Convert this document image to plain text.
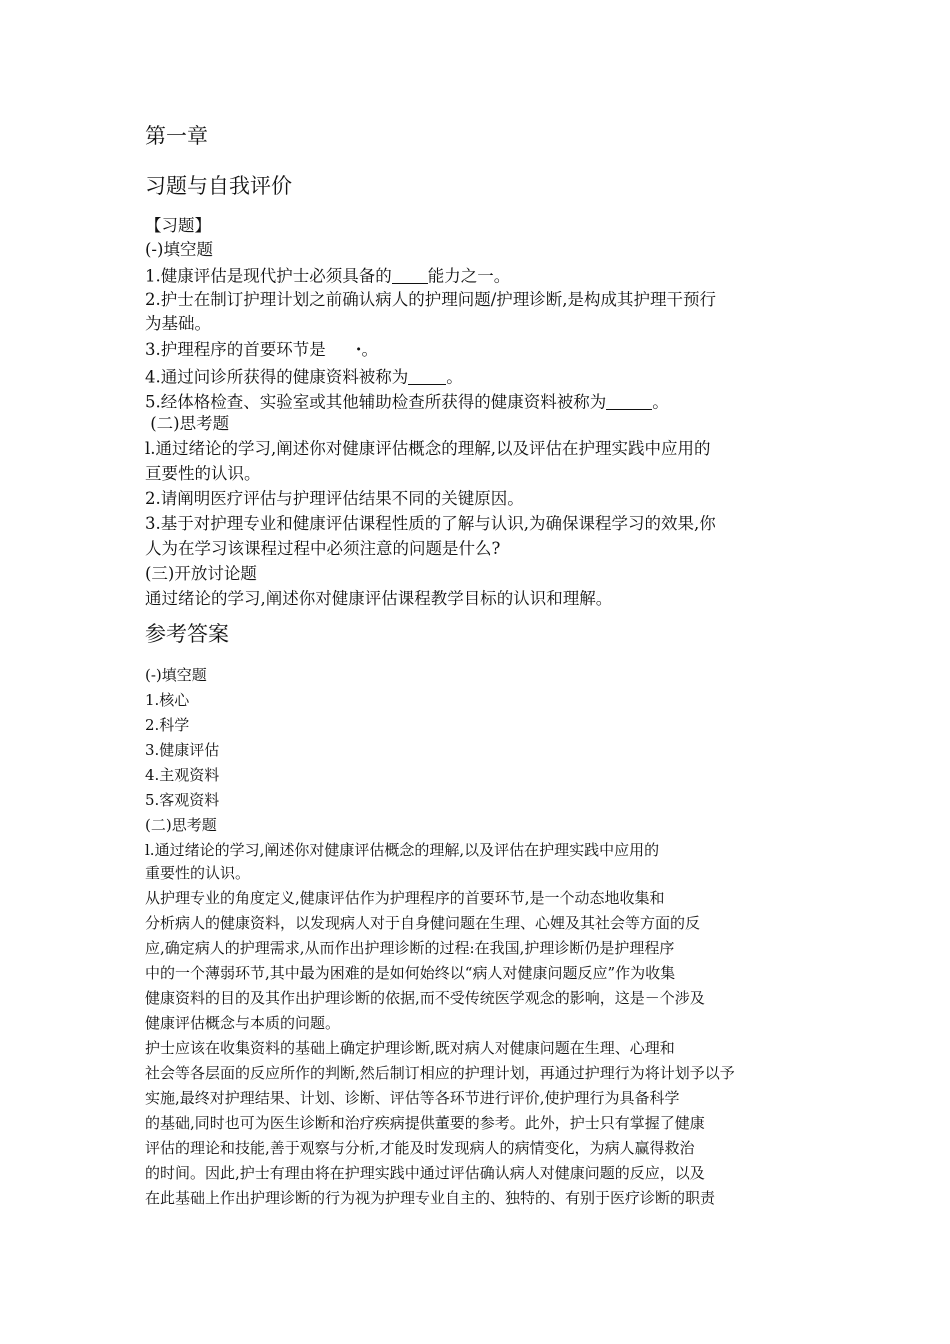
第一章
习题与自我评价
【习题】
(-)填空题
1.健康评估是现代护士必须具备的 能力之一。
2.护士在制订护理计划之前确认病人的护理问题/护理诊断,是构成其护理干预行
为基础。
3.护理程序的首要环节是 ·。
4.通过问诊所获得的健康资料被称为 。
5.经体格检查、实验室或其他辅助检查所获得的健康资料被称为	。
(二)思考题
l.通过绪论的学习,阐述你对健康评估概念的理解,以及评估在护理实践中应用的
亘要性的认识。
2.请阐明医疗评估与护理评估结果不同的关键原因。
3.基于对护理专业和健康评估课程性质的了解与认识,为确保课程学习的效果,你
人为在学习该课程过程中必须注意的问题是什么?
(三)开放讨论题
通过绪论的学习,阐述你对健康评估课程教学目标的认识和理解。
参考答案
(-)填空题
1.核心
2.科学
3.健康评估
4.主观资料
5.客观资料
(二)思考题
l.通过绪论的学习,阐述你对健康评估概念的理解,以及评估在护理实践中应用的
重要性的认识。
从护理专业的角度定义,健康评估作为护理程序的首要环节,是一个动态地收集和
分析病人的健康资料，以发现病人对于自身健问题在生理、心娌及其社会等方面的反
应,确定病人的护理需求,从而作出护理诊断的过程:在我国,护理诊断仍是护理程序
中的一个薄弱环节,其中最为困难的是如何始终以“病人对健康问题反应”作为收集
健康资料的目的及其作出护理诊断的依据,而不受传统医学观念的影响，这是－个涉及
健康评估概念与本质的问题。
护士应该在收集资料的基础上确定护理诊断,既对病人对健康问题在生理、心理和
社会等各层面的反应所作的判断,然后制订相应的护理计划，再通过护理行为将计划予以予
实施,最终对护理结果、计划、诊断、评估等各环节进行评价,使护理行为具备科学
的基础,同时也可为医生诊断和治疗疾病提供董要的参考。此外，护士只有掌握了健康
评估的理论和技能,善于观察与分析,才能及时发现病人的病情变化，为病人赢得救治
的时间。因此,护士有理由将在护理实践中通过评估确认病人对健康问题的反应，以及
在此基础上作出护理诊断的行为视为护理专业自主的、独特的、有别于医疗诊断的职责
